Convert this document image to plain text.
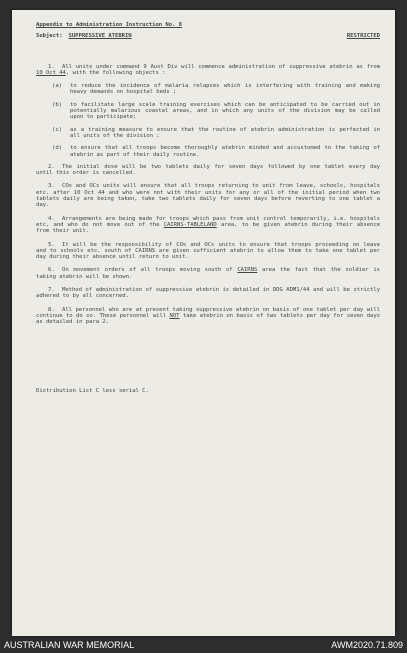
Appendix to Administration Instruction No. 8
Subject: SUPPRESSIVE ATEBRIN	RESTRICTED
1. All units under command 9 Aust Div will commence administration of suppressive atebrin as from 10 Oct 44, with the following objects :
(a)	to reduce the incidence of malaria relapses which is interfering with training and making heavy demands on hospital beds ;
(b)	to facilitate large scale training exercises which can be anticipated to be carried out in potentially malarious coastal areas, and in which any units of the division may be called upon to participate;
(c)	as a training measure to ensure that the routine of atebrin administration is perfected in all units of the division ;
(d)	to ensure that all troops become thoroughly atebrin minded and accustomed to the taking of atebrin as part of their daily routine.
2. The initial dose will be two tablets daily for seven days followed by one tablet every day until this order is cancelled.
3. COs and OCs units will ensure that all troops returning to unit from leave, schools, hospitals etc. after 10 Oct 44 and who were not with their units for any or all of the initial period when two tablets daily are being taken, take two tablets daily for seven days before reverting to one tablet a day.
4. Arrangements are being made for troops which pass from unit control temporarily, i.e. hospitals etc, and who do not move out of the CAIRNS-TABLELAND area, to be given atebrin during their absence from their unit.
5. It will be the responsibility of COs and OCs units to ensure that troops proceeding on leave and to schools etc, south of CAIRNS are given sufficient atebrin to allow them to take one tablet per day during their absence until return to unit.
6. On movement orders of all troops moving south of CAIRNS area the fact that the soldier is taking atebrin will be shown.
7. Method of administration of suppressive atebrin is detailed in DDG ADM1/44 and will be strictly adhered to by all concerned.
8. All personnel who are at present taking suppressive atebrin on basis of one tablet per day will continue to do so. These personnel will NOT take atebrin on basis of two tablets per day for seven days as detailed in para 2.
Distribution List C less serial C.
AUSTRALIAN WAR MEMORIAL	AWM2020.71.809
